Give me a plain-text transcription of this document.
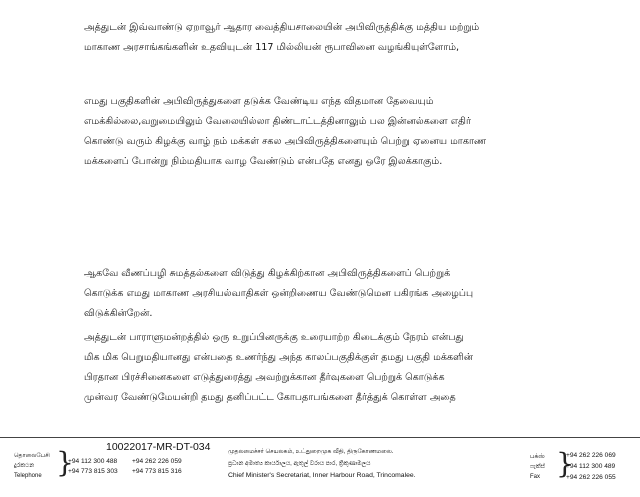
அத்துடன் இவ்வாண்டு ஏறாவூர் ஆதார வைத்தியசாலையின் அபிவிருத்திக்கு மத்திய மற்றும்
மாகாண அரசாங்கங்களின் உதவியுடன் 117 மில்லியன் ரூபாவினை வழங்கியுள்ளோம்,

எமது பகுதிகளின் அபிவிருத்துகளை தடுக்க வேண்டிய எந்த விதமான தேவையும்
எமக்கில்லை,வறுமையிலும் வேலையில்லா திண்டாட்டத்தினாலும் பல இன்னல்களை எதிர்
கொண்டு வரும் கிழக்கு வாழ் நம் மக்கள் சகல அபிவிருத்திகளையும் பெற்று ஏனைய மாகாண
மக்களைப் போன்று நிம்மதியாக வாழ வேண்டும் என்பதே எனது ஒரே இலக்காகும்.

ஆகவே வீணப்பழி சுமத்தல்களை விடுத்து கிழக்கிற்கான அபிவிருத்திகளைப் பெற்றுக்
கொடுக்க எமது மாகாண அரசியல்வாதிகள் ஒன்றிணைய வேண்டுமென பகிரங்க அழைப்பு
விடுக்கின்றேன்.

அத்துடன் பாராளுமன்றத்தில் ஒரு உறுப்பினருக்கு உரையாற்ற கிடைக்கும் நேரம் என்பது
மிக மிக பெறுமதியானது என்பதை உணர்ந்து அந்த காலப்பகுதிக்குள் தமது பகுதி மக்களின்
பிரதான பிரச்சினைகளை எடுத்துரைத்து அவற்றுக்கான தீர்வுகளை பெற்றுக் கொடுக்க
முன்வர வேண்டுமேயன்றி தமது தனிப்பட்ட கோபதாபங்களை தீர்த்துக் கொள்ள அதை

10022017-MR-DT-034
தொலைபேசி
දුරකථන
Telephone }
+94 112 300 488 +94 262 226 059
+94 773 815 303 +94 773 815 316
முதலமைச்சர் செயலகம், உட்துறைமுக வீதி, திருகோணமலை.
ප්‍රධාන අමාත්‍ය කාර්යාලය, ඇතුල් වරාය පාර, ත්‍රිකුණාමලය
Chief Minister's Secretariat, Inner Harbour Road, Trincomalee.
பக்ஸ்
ෆැක්ස්
Fax }
+94 262 226 069
+94 112 300 489
+94 262 226 055
